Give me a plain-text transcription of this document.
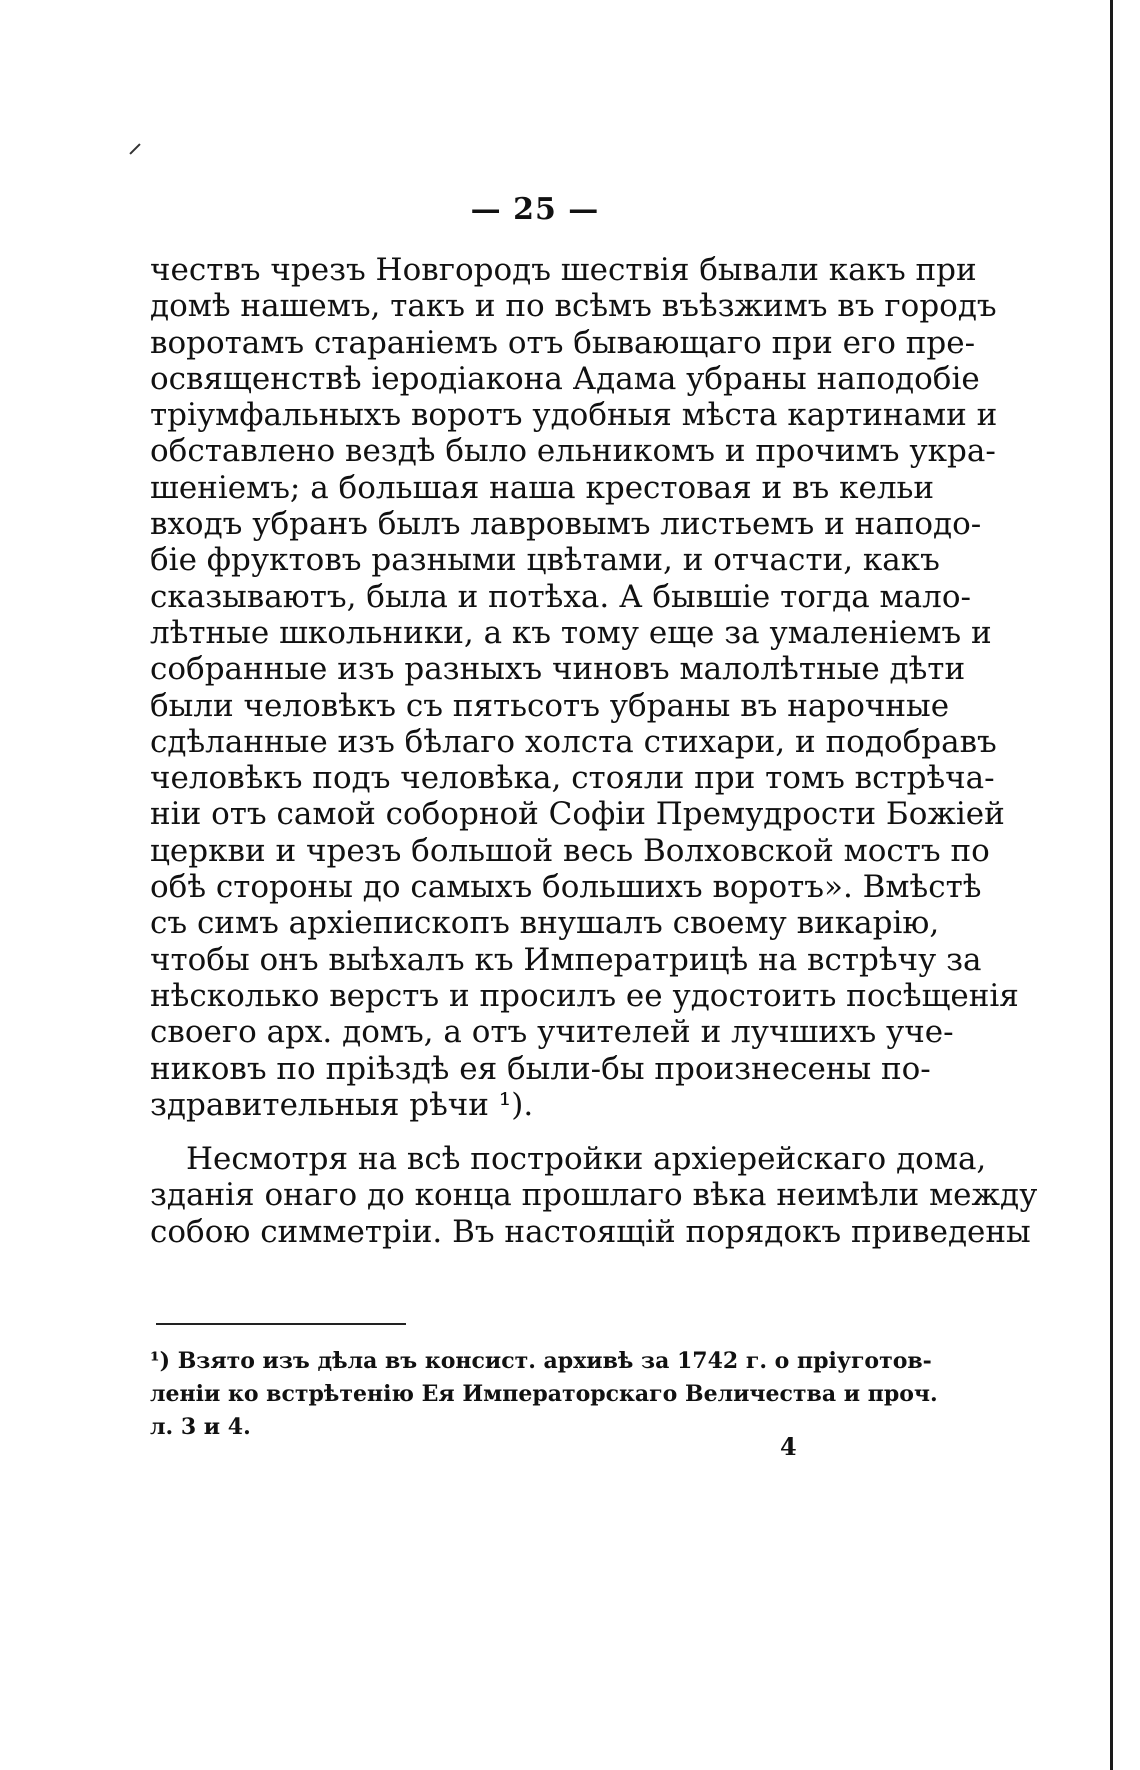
— 25 —
чествъ чрезъ Новгородъ шествія бывали какъ при
домѣ нашемъ, такъ и по всѣмъ въѣзжимъ въ городъ
воротамъ стараніемъ отъ бывающаго при его пре-
освященствѣ іеродіакона Адама убраны наподобіе
тріумфальныхъ воротъ удобныя мѣста картинами и
обставлено вездѣ было ельникомъ и прочимъ укра-
шеніемъ; а большая наша крестовая и въ кельи
входъ убранъ былъ лавровымъ листьемъ и наподо-
біе фруктовъ разными цвѣтами, и отчасти, какъ
сказываютъ, была и потѣха. А бывшіе тогда мало-
лѣтные школьники, а къ тому еще за умаленіемъ и
собранные изъ разныхъ чиновъ малолѣтные дѣти
были человѣкъ съ пятьсотъ убраны въ нарочные
сдѣланные изъ бѣлаго холста стихари, и подобравъ
человѣкъ подъ человѣка, стояли при томъ встрѣча-
ніи отъ самой соборной Софіи Премудрости Божіей
церкви и чрезъ большой весь Волховской мостъ по
обѣ стороны до самыхъ большихъ воротъ». Вмѣстѣ
съ симъ архіепископъ внушалъ своему викарію,
чтобы онъ выѣхалъ къ Императрицѣ на встрѣчу за
нѣсколько верстъ и просилъ ее удостоить посѣщенія
своего арх. домъ, а отъ учителей и лучшихъ уче-
никовъ по пріѣздѣ ея были-бы произнесены по-
здравительныя рѣчи ¹).
Несмотря на всѣ постройки архіерейскаго дома,
зданія онаго до конца прошлаго вѣка неимѣли между
собою симметріи. Въ настоящій порядокъ приведены
¹) Взято изъ дѣла въ консист. архивѣ за 1742 г. о пріуготов-
леніи ко встрѣтенію Ея Императорскаго Величества и проч.
л. 3 и 4.
4
